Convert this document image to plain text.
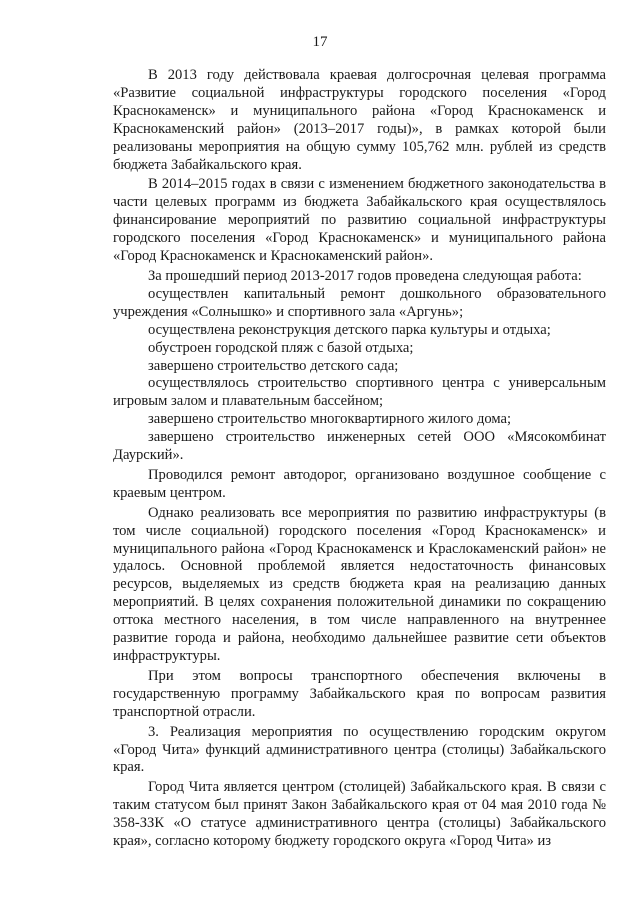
17

В 2013 году действовала краевая долгосрочная целевая программа «Развитие социальной инфраструктуры городского поселения «Город Краснокаменск» и муниципального района «Город Краснокаменск и Краснокаменский район» (2013–2017 годы)», в рамках которой были реализованы мероприятия на общую сумму 105,762 млн. рублей из средств бюджета Забайкальского края.

В 2014–2015 годах в связи с изменением бюджетного законодательства в части целевых программ из бюджета Забайкальского края осуществлялось финансирование мероприятий по развитию социальной инфраструктуры городского поселения «Город Краснокаменск» и муниципального района «Город Краснокаменск и Краснокаменский район».

За прошедший период 2013-2017 годов проведена следующая работа:

осуществлен капитальный ремонт дошкольного образовательного учреждения «Солнышко» и спортивного зала «Аргунь»;

осуществлена реконструкция детского парка культуры и отдыха;

обустроен городской пляж с базой отдыха;

завершено строительство детского сада;

осуществлялось строительство спортивного центра с универсальным игровым залом и плавательным бассейном;

завершено строительство многоквартирного жилого дома;

завершено строительство инженерных сетей ООО «Мясокомбинат Даурский».

Проводился ремонт автодорог, организовано воздушное сообщение с краевым центром.

Однако реализовать все мероприятия по развитию инфраструктуры (в том числе социальной) городского поселения «Город Краснокаменск» и муниципального района «Город Краснокаменск и Краслокаменский район» не удалось. Основной проблемой является недостаточность финансовых ресурсов, выделяемых из средств бюджета края на реализацию данных мероприятий. В целях сохранения положительной динамики по сокращению оттока местного населения, в том числе направленного на внутреннее развитие города и района, необходимо дальнейшее развитие сети объектов инфраструктуры.

При этом вопросы транспортного обеспечения включены в государственную программу Забайкальского края по вопросам развития транспортной отрасли.

3. Реализация мероприятия по осуществлению городским округом «Город Чита» функций административного центра (столицы) Забайкальского края.

Город Чита является центром (столицей) Забайкальского края. В связи с таким статусом был принят Закон Забайкальского края от 04 мая 2010 года № 358-ЗЗК «О статусе административного центра (столицы) Забайкальского края», согласно которому бюджету городского округа «Город Чита» из
